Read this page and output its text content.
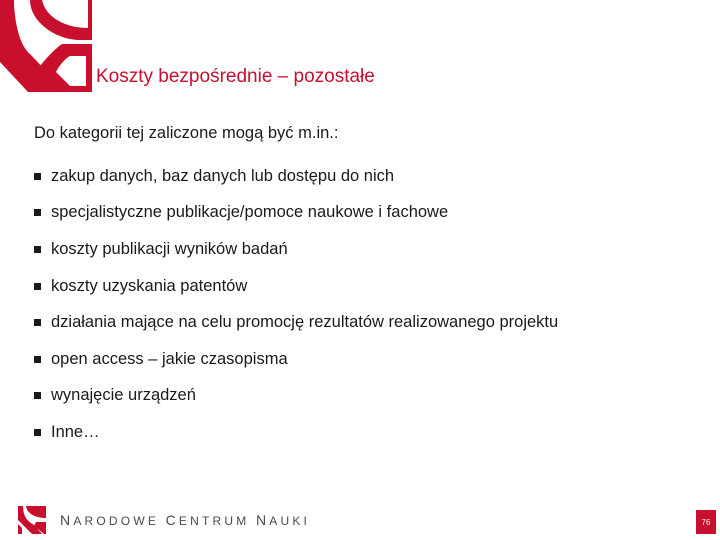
Koszty bezpośrednie – pozostałe

Do kategorii tej zaliczone mogą być m.in.:

zakup danych, baz danych lub dostępu do nich
specjalistyczne publikacje/pomoce naukowe i fachowe
koszty publikacji wyników badań
koszty uzyskania patentów
działania mające na celu promocję rezultatów realizowanego projektu
open access – jakie czasopisma
wynajęcie urządzeń
Inne…
NARODOWE CENTRUM NAUKI	76
